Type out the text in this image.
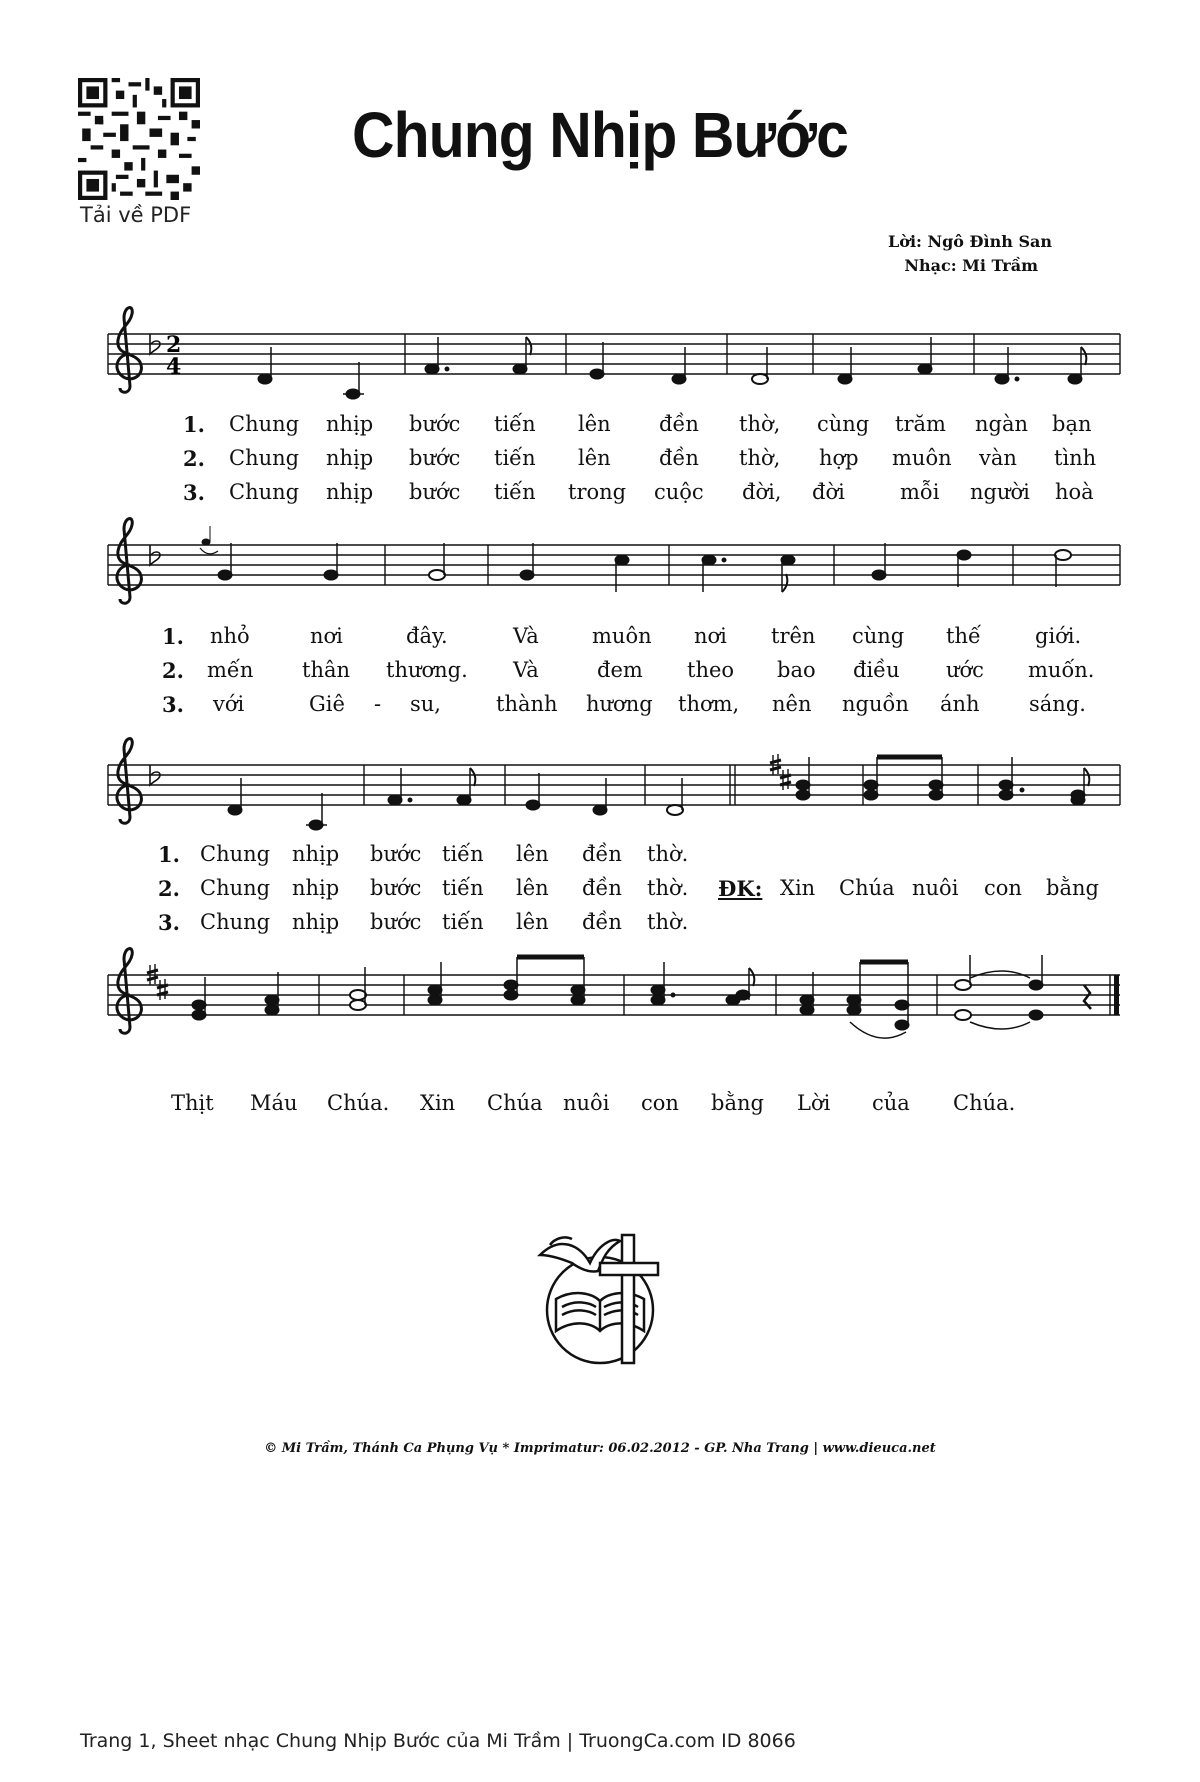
Tải về PDF
Chung Nhịp Bước
Lời: Ngô Đình San
Nhạc: Mi Trầm
2
4
1. Chung nhịp bước tiến lên đền thờ, cùng trăm ngàn bạn
2. Chung nhịp bước tiến lên đền thờ, hợp muôn vàn tình
3. Chung nhịp bước tiến trong cuộc đời, đời	mỗi người hoà
1. nhỏ	nơi	đây.	Và	muôn nơi trên cùng thế	giới.
2. mến thân thương. Và	đem theo bao điều ước muốn.
3. với	Giê - su,	thành hương thơm, nên nguồn ánh sáng.
1. Chung nhịp bước tiến lên đền thờ.
2. Chung nhịp bước tiến lên đền thờ. ĐK: Xin Chúa nuôi con bằng
3. Chung nhịp bước tiến lên đền thờ.
Thịt Máu Chúa. Xin Chúa nuôi con bằng Lời của Chúa.
© Mi Trầm, Thánh Ca Phụng Vụ * Imprimatur: 06.02.2012 - GP. Nha Trang | www.dieuca.net
Trang 1, Sheet nhạc Chung Nhịp Bước của Mi Trầm | TruongCa.com ID 8066
